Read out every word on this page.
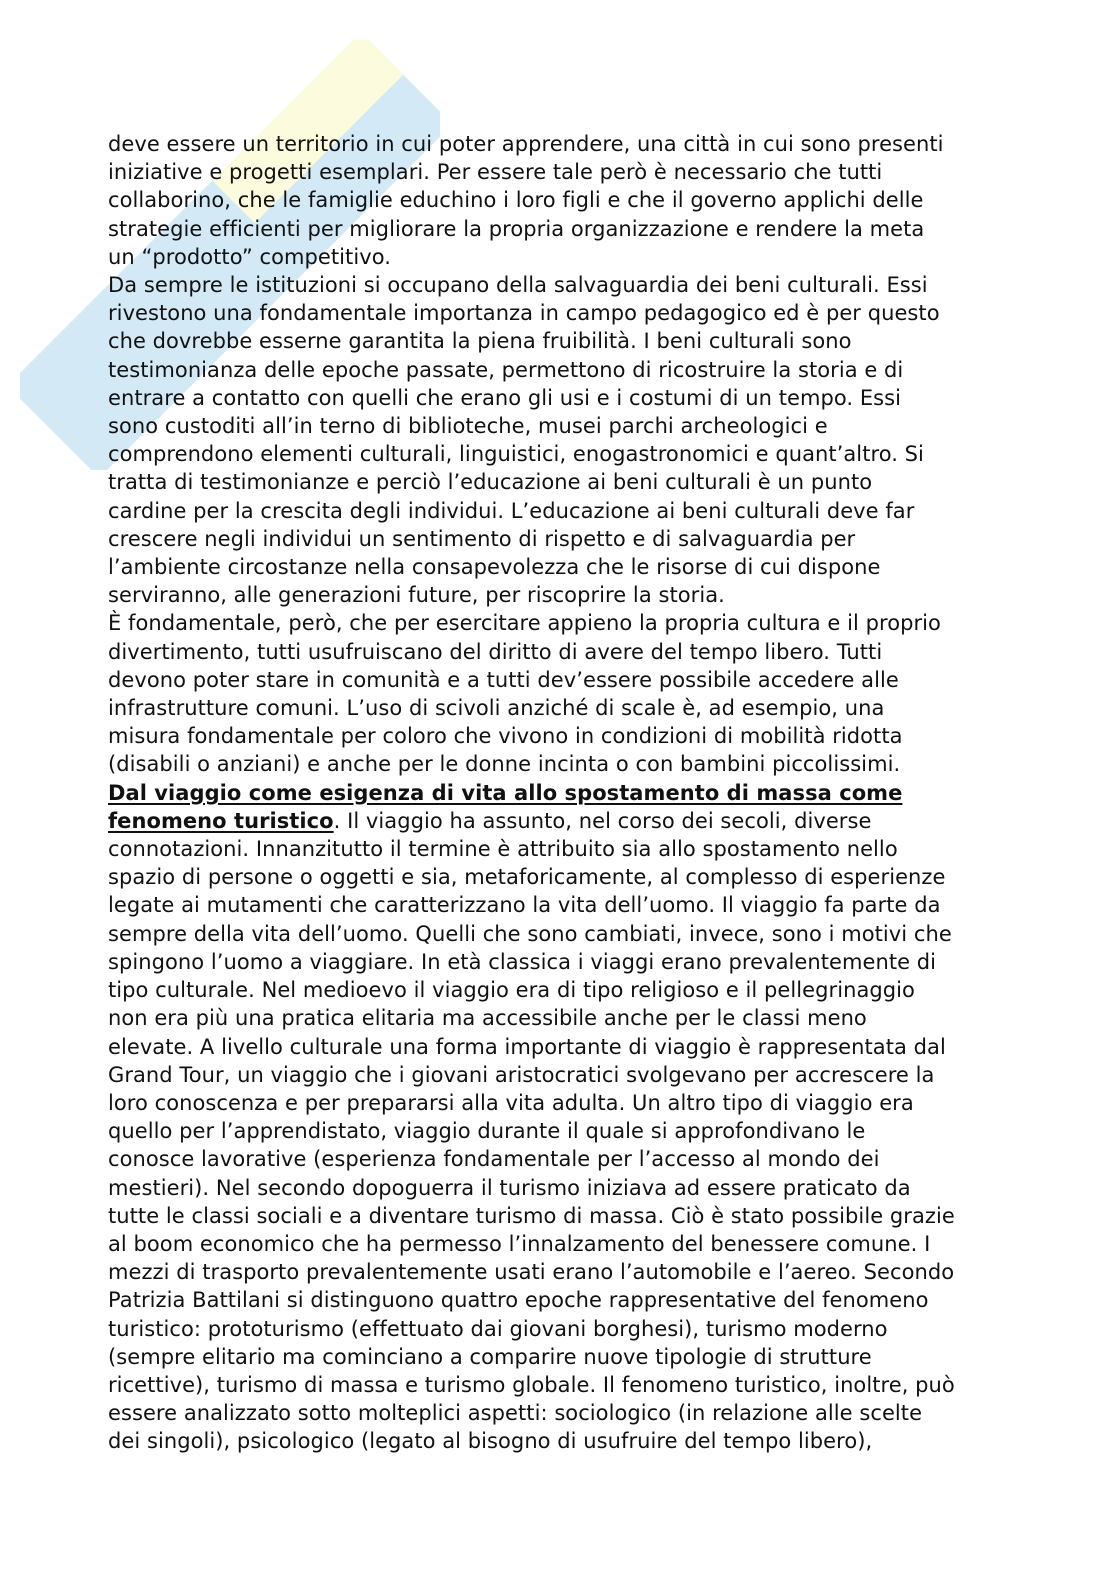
deve essere un territorio in cui poter apprendere, una città in cui sono presenti
iniziative e progetti esemplari. Per essere tale però è necessario che tutti
collaborino, che le famiglie educhino i loro figli e che il governo applichi delle
strategie efficienti per migliorare la propria organizzazione e rendere la meta
un “prodotto” competitivo.
Da sempre le istituzioni si occupano della salvaguardia dei beni culturali. Essi
rivestono una fondamentale importanza in campo pedagogico ed è per questo
che dovrebbe esserne garantita la piena fruibilità. I beni culturali sono
testimonianza delle epoche passate, permettono di ricostruire la storia e di
entrare a contatto con quelli che erano gli usi e i costumi di un tempo. Essi
sono custoditi all’in terno di biblioteche, musei parchi archeologici e
comprendono elementi culturali, linguistici, enogastronomici e quant’altro. Si
tratta di testimonianze e perciò l’educazione ai beni culturali è un punto
cardine per la crescita degli individui. L’educazione ai beni culturali deve far
crescere negli individui un sentimento di rispetto e di salvaguardia per
l’ambiente circostanze nella consapevolezza che le risorse di cui dispone
serviranno, alle generazioni future, per riscoprire la storia.
È fondamentale, però, che per esercitare appieno la propria cultura e il proprio
divertimento, tutti usufruiscano del diritto di avere del tempo libero. Tutti
devono poter stare in comunità e a tutti dev’essere possibile accedere alle
infrastrutture comuni. L’uso di scivoli anziché di scale è, ad esempio, una
misura fondamentale per coloro che vivono in condizioni di mobilità ridotta
(disabili o anziani) e anche per le donne incinta o con bambini piccolissimi.
Dal viaggio come esigenza di vita allo spostamento di massa come
fenomeno turistico. Il viaggio ha assunto, nel corso dei secoli, diverse
connotazioni. Innanzitutto il termine è attribuito sia allo spostamento nello
spazio di persone o oggetti e sia, metaforicamente, al complesso di esperienze
legate ai mutamenti che caratterizzano la vita dell’uomo. Il viaggio fa parte da
sempre della vita dell’uomo. Quelli che sono cambiati, invece, sono i motivi che
spingono l’uomo a viaggiare. In età classica i viaggi erano prevalentemente di
tipo culturale. Nel medioevo il viaggio era di tipo religioso e il pellegrinaggio
non era più una pratica elitaria ma accessibile anche per le classi meno
elevate. A livello culturale una forma importante di viaggio è rappresentata dal
Grand Tour, un viaggio che i giovani aristocratici svolgevano per accrescere la
loro conoscenza e per prepararsi alla vita adulta. Un altro tipo di viaggio era
quello per l’apprendistato, viaggio durante il quale si approfondivano le
conosce lavorative (esperienza fondamentale per l’accesso al mondo dei
mestieri). Nel secondo dopoguerra il turismo iniziava ad essere praticato da
tutte le classi sociali e a diventare turismo di massa. Ciò è stato possibile grazie
al boom economico che ha permesso l’innalzamento del benessere comune. I
mezzi di trasporto prevalentemente usati erano l’automobile e l’aereo. Secondo
Patrizia Battilani si distinguono quattro epoche rappresentative del fenomeno
turistico: prototurismo (effettuato dai giovani borghesi), turismo moderno
(sempre elitario ma cominciano a comparire nuove tipologie di strutture
ricettive), turismo di massa e turismo globale. Il fenomeno turistico, inoltre, può
essere analizzato sotto molteplici aspetti: sociologico (in relazione alle scelte
dei singoli), psicologico (legato al bisogno di usufruire del tempo libero),
